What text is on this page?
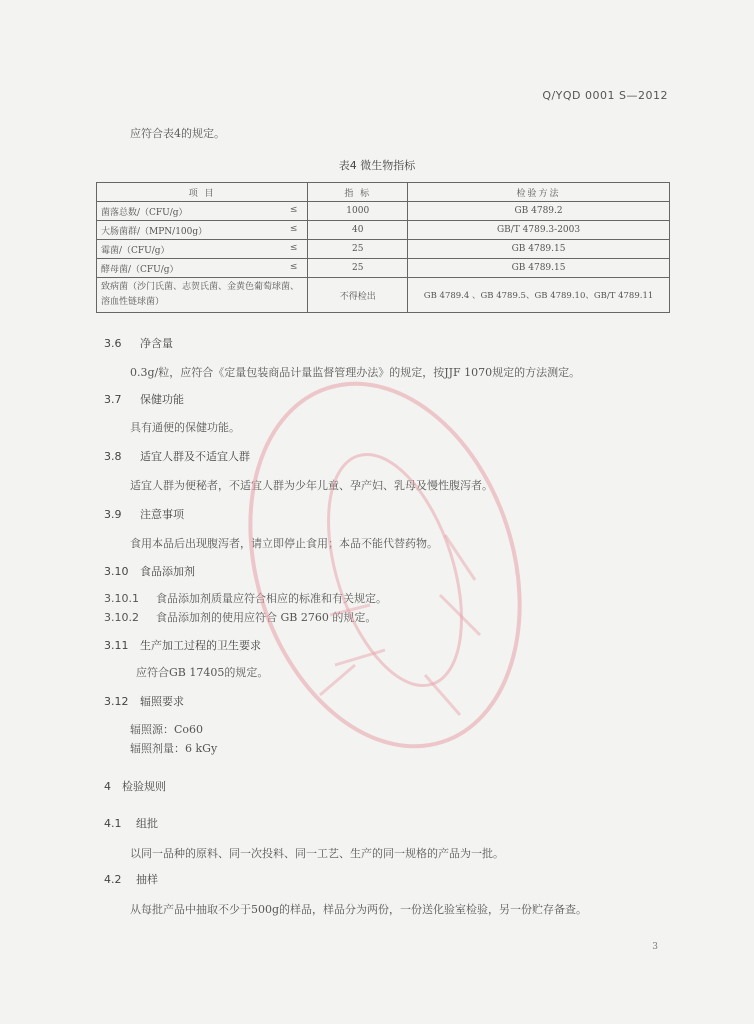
Q/YQD 0001 S—2012
应符合表4的规定。
表4 微生物指标
项 目	指 标	检验方法
菌落总数/（CFU/g） ≤	1000	GB 4789.2
大肠菌群/（MPN/100g） ≤	40	GB/T 4789.3-2003
霉菌/（CFU/g） ≤	25	GB 4789.15
酵母菌/（CFU/g） ≤	25	GB 4789.15
致病菌（沙门氏菌、志贺氏菌、金黄色葡萄球菌、溶血性链球菌）	不得检出	GB 4789.4 、GB 4789.5、GB 4789.10、GB/T 4789.11
3.6 净含量
0.3g/粒，应符合《定量包装商品计量监督管理办法》的规定，按JJF 1070规定的方法测定。
3.7 保健功能
具有通便的保健功能。
3.8 适宜人群及不适宜人群
适宜人群为便秘者，不适宜人群为少年儿童、孕产妇、乳母及慢性腹泻者。
3.9 注意事项
食用本品后出现腹泻者，请立即停止食用；本品不能代替药物。
3.10 食品添加剂
3.10.1 食品添加剂质量应符合相应的标准和有关规定。
3.10.2 食品添加剂的使用应符合 GB 2760 的规定。
3.11 生产加工过程的卫生要求
应符合GB 17405的规定。
3.12 辐照要求
辐照源：Co60
辐照剂量：6 kGy
4 检验规则
4.1 组批
以同一品种的原料、同一次投料、同一工艺、生产的同一规格的产品为一批。
4.2 抽样
从每批产品中抽取不少于500g的样品，样品分为两份，一份送化验室检验，另一份贮存备查。
3
